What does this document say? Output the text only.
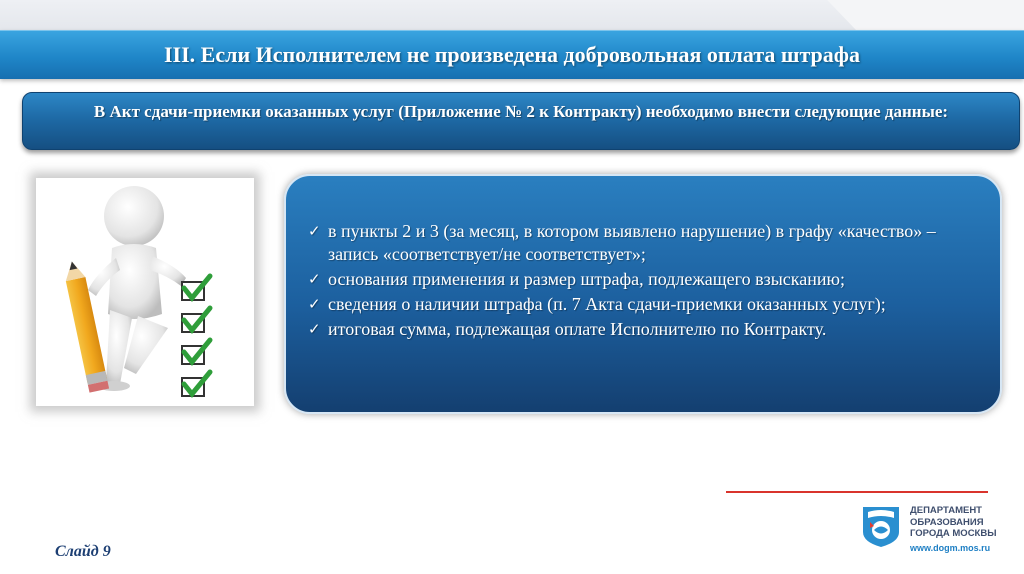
III. Если Исполнителем не произведена добровольная оплата штрафа
В Акт сдачи-приемки оказанных услуг (Приложение № 2 к Контракту) необходимо внести следующие данные:
✓ в пункты 2 и 3 (за месяц, в котором выявлено нарушение) в графу «качество» – запись «соответствует/не соответствует»;
✓ основания применения и размер штрафа, подлежащего взысканию;
✓ сведения о наличии штрафа (п. 7 Акта сдачи-приемки оказанных услуг);
✓ итоговая сумма, подлежащая оплате Исполнителю по Контракту.
ДЕПАРТАМЕНТ
ОБРАЗОВАНИЯ
ГОРОДА МОСКВЫ
www.dogm.mos.ru
Слайд 9
